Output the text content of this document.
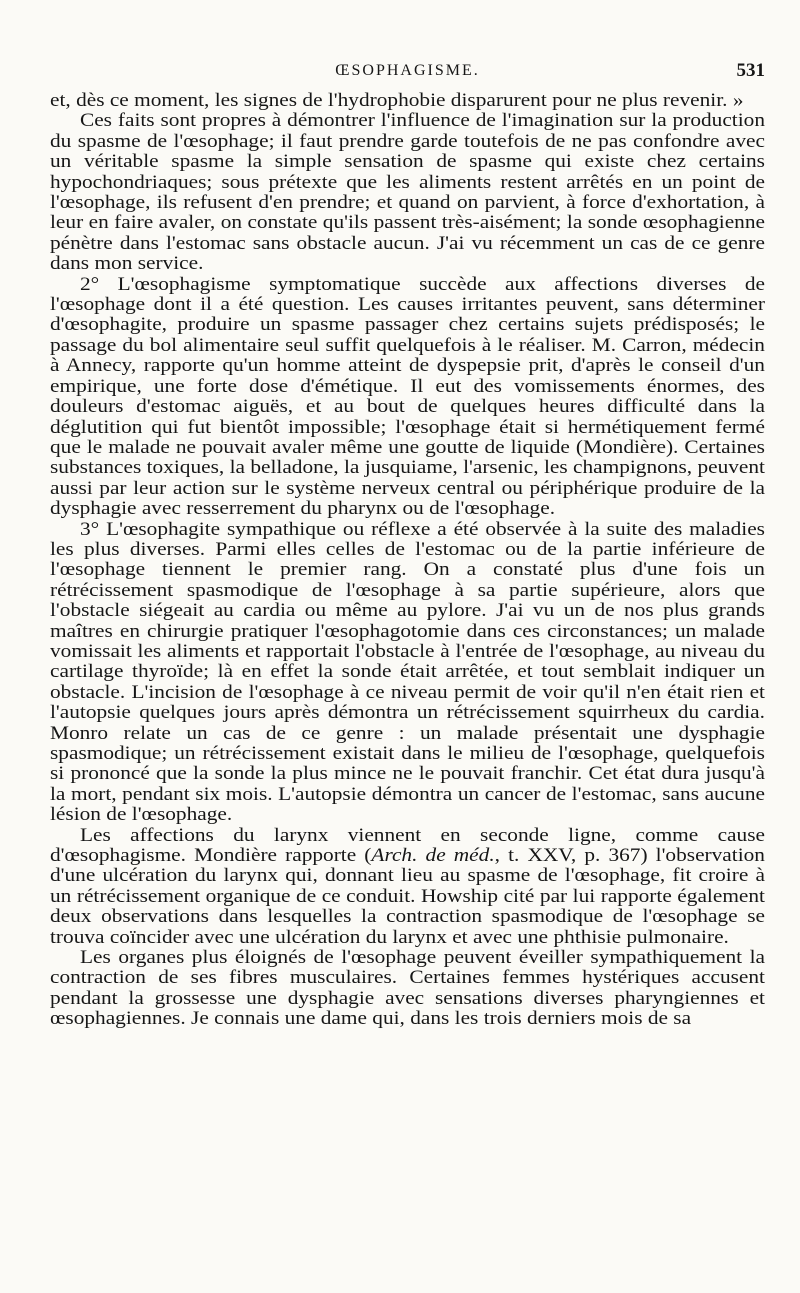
ŒSOPHAGISME.	531

et, dès ce moment, les signes de l'hydrophobie disparurent pour ne plus revenir. »

Ces faits sont propres à démontrer l'influence de l'imagination sur la production du spasme de l'œsophage; il faut prendre garde toutefois de ne pas confondre avec un véritable spasme la simple sensation de spasme qui existe chez certains hypochondriaques; sous prétexte que les aliments restent arrêtés en un point de l'œsophage, ils refusent d'en prendre; et quand on parvient, à force d'exhortation, à leur en faire avaler, on constate qu'ils passent très-aisément; la sonde œsophagienne pénètre dans l'estomac sans obstacle aucun. J'ai vu récemment un cas de ce genre dans mon service.

2° L'œsophagisme symptomatique succède aux affections diverses de l'œsophage dont il a été question. Les causes irritantes peuvent, sans déterminer d'œsophagite, produire un spasme passager chez certains sujets prédisposés; le passage du bol alimentaire seul suffit quelquefois à le réaliser. M. Carron, médecin à Annecy, rapporte qu'un homme atteint de dyspepsie prit, d'après le conseil d'un empirique, une forte dose d'émétique. Il eut des vomissements énormes, des douleurs d'estomac aiguës, et au bout de quelques heures difficulté dans la déglutition qui fut bientôt impossible; l'œsophage était si hermétiquement fermé que le malade ne pouvait avaler même une goutte de liquide (Mondière). Certaines substances toxiques, la belladone, la jusquiame, l'arsenic, les champignons, peuvent aussi par leur action sur le système nerveux central ou périphérique produire de la dysphagie avec resserrement du pharynx ou de l'œsophage.

3° L'œsophagite sympathique ou réflexe a été observée à la suite des maladies les plus diverses. Parmi elles celles de l'estomac ou de la partie inférieure de l'œsophage tiennent le premier rang. On a constaté plus d'une fois un rétrécissement spasmodique de l'œsophage à sa partie supérieure, alors que l'obstacle siégeait au cardia ou même au pylore. J'ai vu un de nos plus grands maîtres en chirurgie pratiquer l'œsophagotomie dans ces circonstances; un malade vomissait les aliments et rapportait l'obstacle à l'entrée de l'œsophage, au niveau du cartilage thyroïde; là en effet la sonde était arrêtée, et tout semblait indiquer un obstacle. L'incision de l'œsophage à ce niveau permit de voir qu'il n'en était rien et l'autopsie quelques jours après démontra un rétrécissement squirrheux du cardia. Monro relate un cas de ce genre : un malade présentait une dysphagie spasmodique; un rétrécissement existait dans le milieu de l'œsophage, quelquefois si prononcé que la sonde la plus mince ne le pouvait franchir. Cet état dura jusqu'à la mort, pendant six mois. L'autopsie démontra un cancer de l'estomac, sans aucune lésion de l'œsophage.

Les affections du larynx viennent en seconde ligne, comme cause d'œsophagisme. Mondière rapporte (Arch. de méd., t. XXV, p. 367) l'observation d'une ulcération du larynx qui, donnant lieu au spasme de l'œsophage, fit croire à un rétrécissement organique de ce conduit. Howship cité par lui rapporte également deux observations dans lesquelles la contraction spasmodique de l'œsophage se trouva coïncider avec une ulcération du larynx et avec une phthisie pulmonaire.

Les organes plus éloignés de l'œsophage peuvent éveiller sympathiquement la contraction de ses fibres musculaires. Certaines femmes hystériques accusent pendant la grossesse une dysphagie avec sensations diverses pharyngiennes et œsophagiennes. Je connais une dame qui, dans les trois derniers mois de sa
